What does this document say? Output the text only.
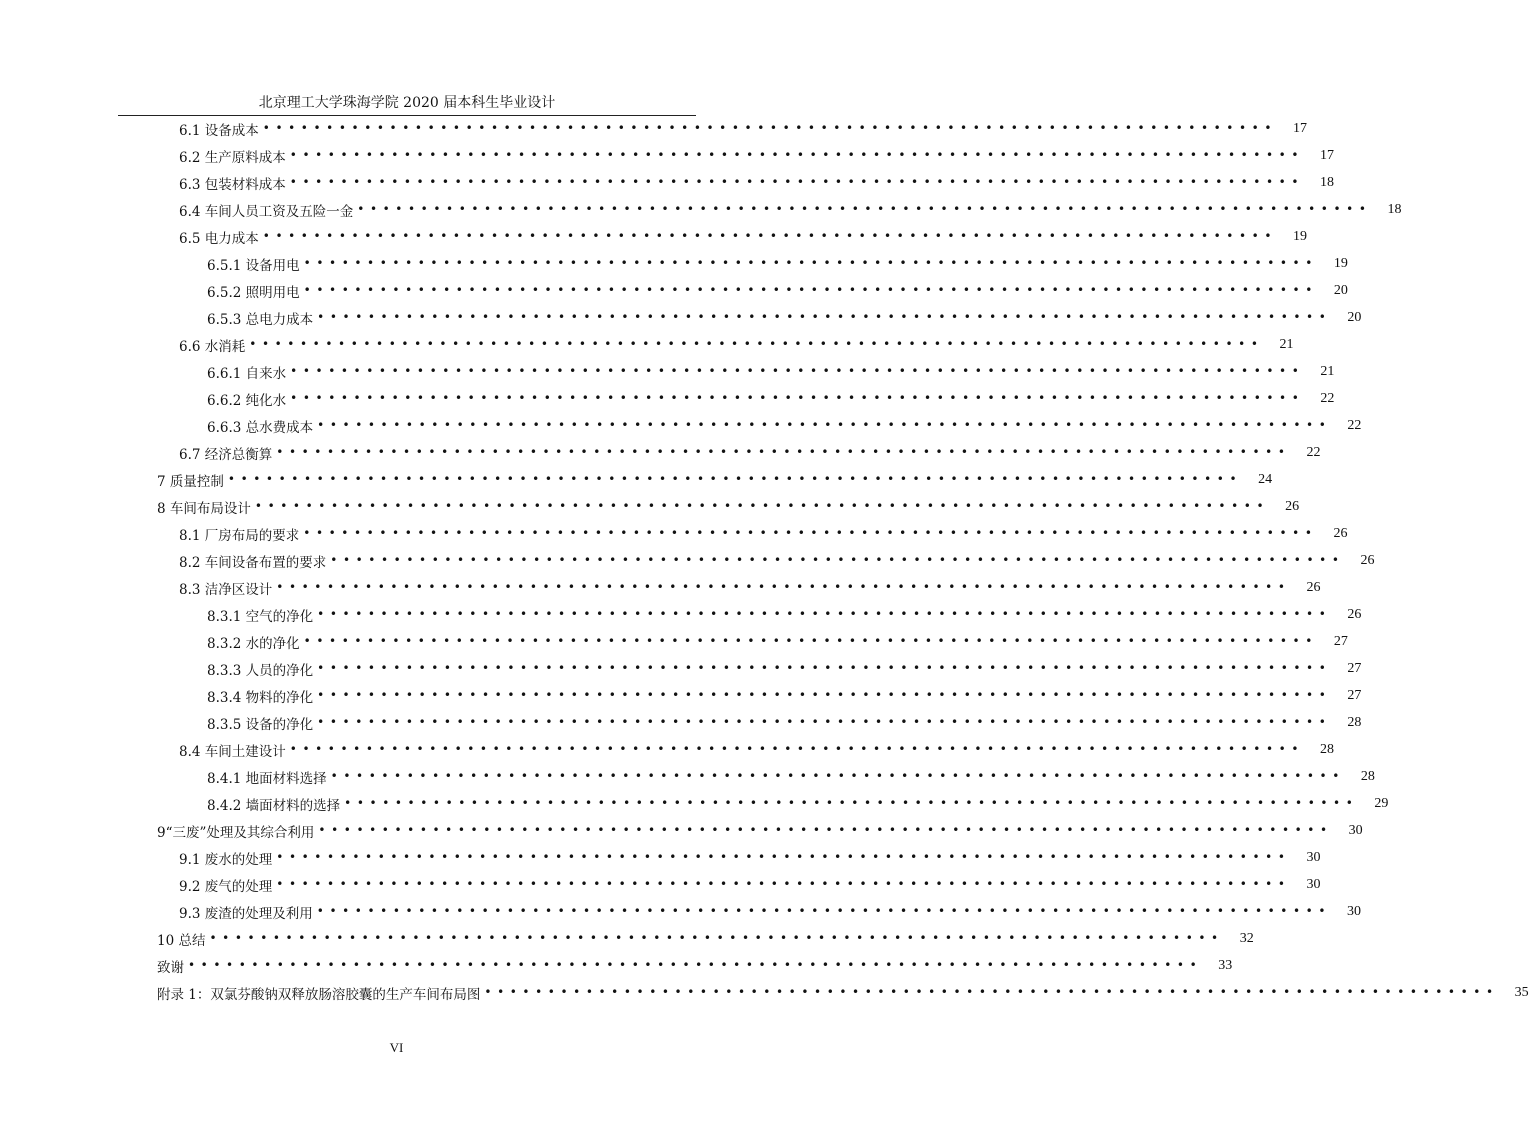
北京理工大学珠海学院 2020 届本科生毕业设计
6.1 设备成本 ••••••••••••••••••••••••••••••••••••••••••••••••••••••••••••••••••••••••••••••••	17
6.2 生产原料成本 ••••••••••••••••••••••••••••••••••••••••••••••••••••••••••••••••••••••••••••••••	17
6.3 包装材料成本 ••••••••••••••••••••••••••••••••••••••••••••••••••••••••••••••••••••••••••••••••	18
6.4 车间人员工资及五险一金 ••••••••••••••••••••••••••••••••••••••••••••••••••••••••••••••••••••••••••••••••	18
6.5 电力成本 ••••••••••••••••••••••••••••••••••••••••••••••••••••••••••••••••••••••••••••••••	19
6.5.1 设备用电 ••••••••••••••••••••••••••••••••••••••••••••••••••••••••••••••••••••••••••••••••	19
6.5.2 照明用电 ••••••••••••••••••••••••••••••••••••••••••••••••••••••••••••••••••••••••••••••••	20
6.5.3 总电力成本 ••••••••••••••••••••••••••••••••••••••••••••••••••••••••••••••••••••••••••••••••	20
6.6 水消耗 ••••••••••••••••••••••••••••••••••••••••••••••••••••••••••••••••••••••••••••••••	21
6.6.1 自来水 ••••••••••••••••••••••••••••••••••••••••••••••••••••••••••••••••••••••••••••••••	21
6.6.2 纯化水 ••••••••••••••••••••••••••••••••••••••••••••••••••••••••••••••••••••••••••••••••	22
6.6.3 总水费成本 ••••••••••••••••••••••••••••••••••••••••••••••••••••••••••••••••••••••••••••••••	22
6.7 经济总衡算 ••••••••••••••••••••••••••••••••••••••••••••••••••••••••••••••••••••••••••••••••	22
7 质量控制 ••••••••••••••••••••••••••••••••••••••••••••••••••••••••••••••••••••••••••••••••	24
8 车间布局设计 ••••••••••••••••••••••••••••••••••••••••••••••••••••••••••••••••••••••••••••••••	26
8.1 厂房布局的要求 ••••••••••••••••••••••••••••••••••••••••••••••••••••••••••••••••••••••••••••••••	26
8.2 车间设备布置的要求 ••••••••••••••••••••••••••••••••••••••••••••••••••••••••••••••••••••••••••••••••	26
8.3 洁净区设计 ••••••••••••••••••••••••••••••••••••••••••••••••••••••••••••••••••••••••••••••••	26
8.3.1 空气的净化 ••••••••••••••••••••••••••••••••••••••••••••••••••••••••••••••••••••••••••••••••	26
8.3.2 水的净化 ••••••••••••••••••••••••••••••••••••••••••••••••••••••••••••••••••••••••••••••••	27
8.3.3 人员的净化 ••••••••••••••••••••••••••••••••••••••••••••••••••••••••••••••••••••••••••••••••	27
8.3.4 物料的净化 ••••••••••••••••••••••••••••••••••••••••••••••••••••••••••••••••••••••••••••••••	27
8.3.5 设备的净化 ••••••••••••••••••••••••••••••••••••••••••••••••••••••••••••••••••••••••••••••••	28
8.4 车间土建设计 ••••••••••••••••••••••••••••••••••••••••••••••••••••••••••••••••••••••••••••••••	28
8.4.1 地面材料选择 ••••••••••••••••••••••••••••••••••••••••••••••••••••••••••••••••••••••••••••••••	28
8.4.2 墙面材料的选择 ••••••••••••••••••••••••••••••••••••••••••••••••••••••••••••••••••••••••••••••••	29
9“三废”处理及其综合利用 ••••••••••••••••••••••••••••••••••••••••••••••••••••••••••••••••••••••••••••••••	30
9.1 废水的处理 ••••••••••••••••••••••••••••••••••••••••••••••••••••••••••••••••••••••••••••••••	30
9.2 废气的处理 ••••••••••••••••••••••••••••••••••••••••••••••••••••••••••••••••••••••••••••••••	30
9.3 废渣的处理及利用 ••••••••••••••••••••••••••••••••••••••••••••••••••••••••••••••••••••••••••••••••	30
10 总结 ••••••••••••••••••••••••••••••••••••••••••••••••••••••••••••••••••••••••••••••••	32
致谢 ••••••••••••••••••••••••••••••••••••••••••••••••••••••••••••••••••••••••••••••••	33
附录 1：双氯芬酸钠双释放肠溶胶囊的生产车间布局图 ••••••••••••••••••••••••••••••••••••••••••••••••••••••••••••••••••••••••••••••••	35
VI
